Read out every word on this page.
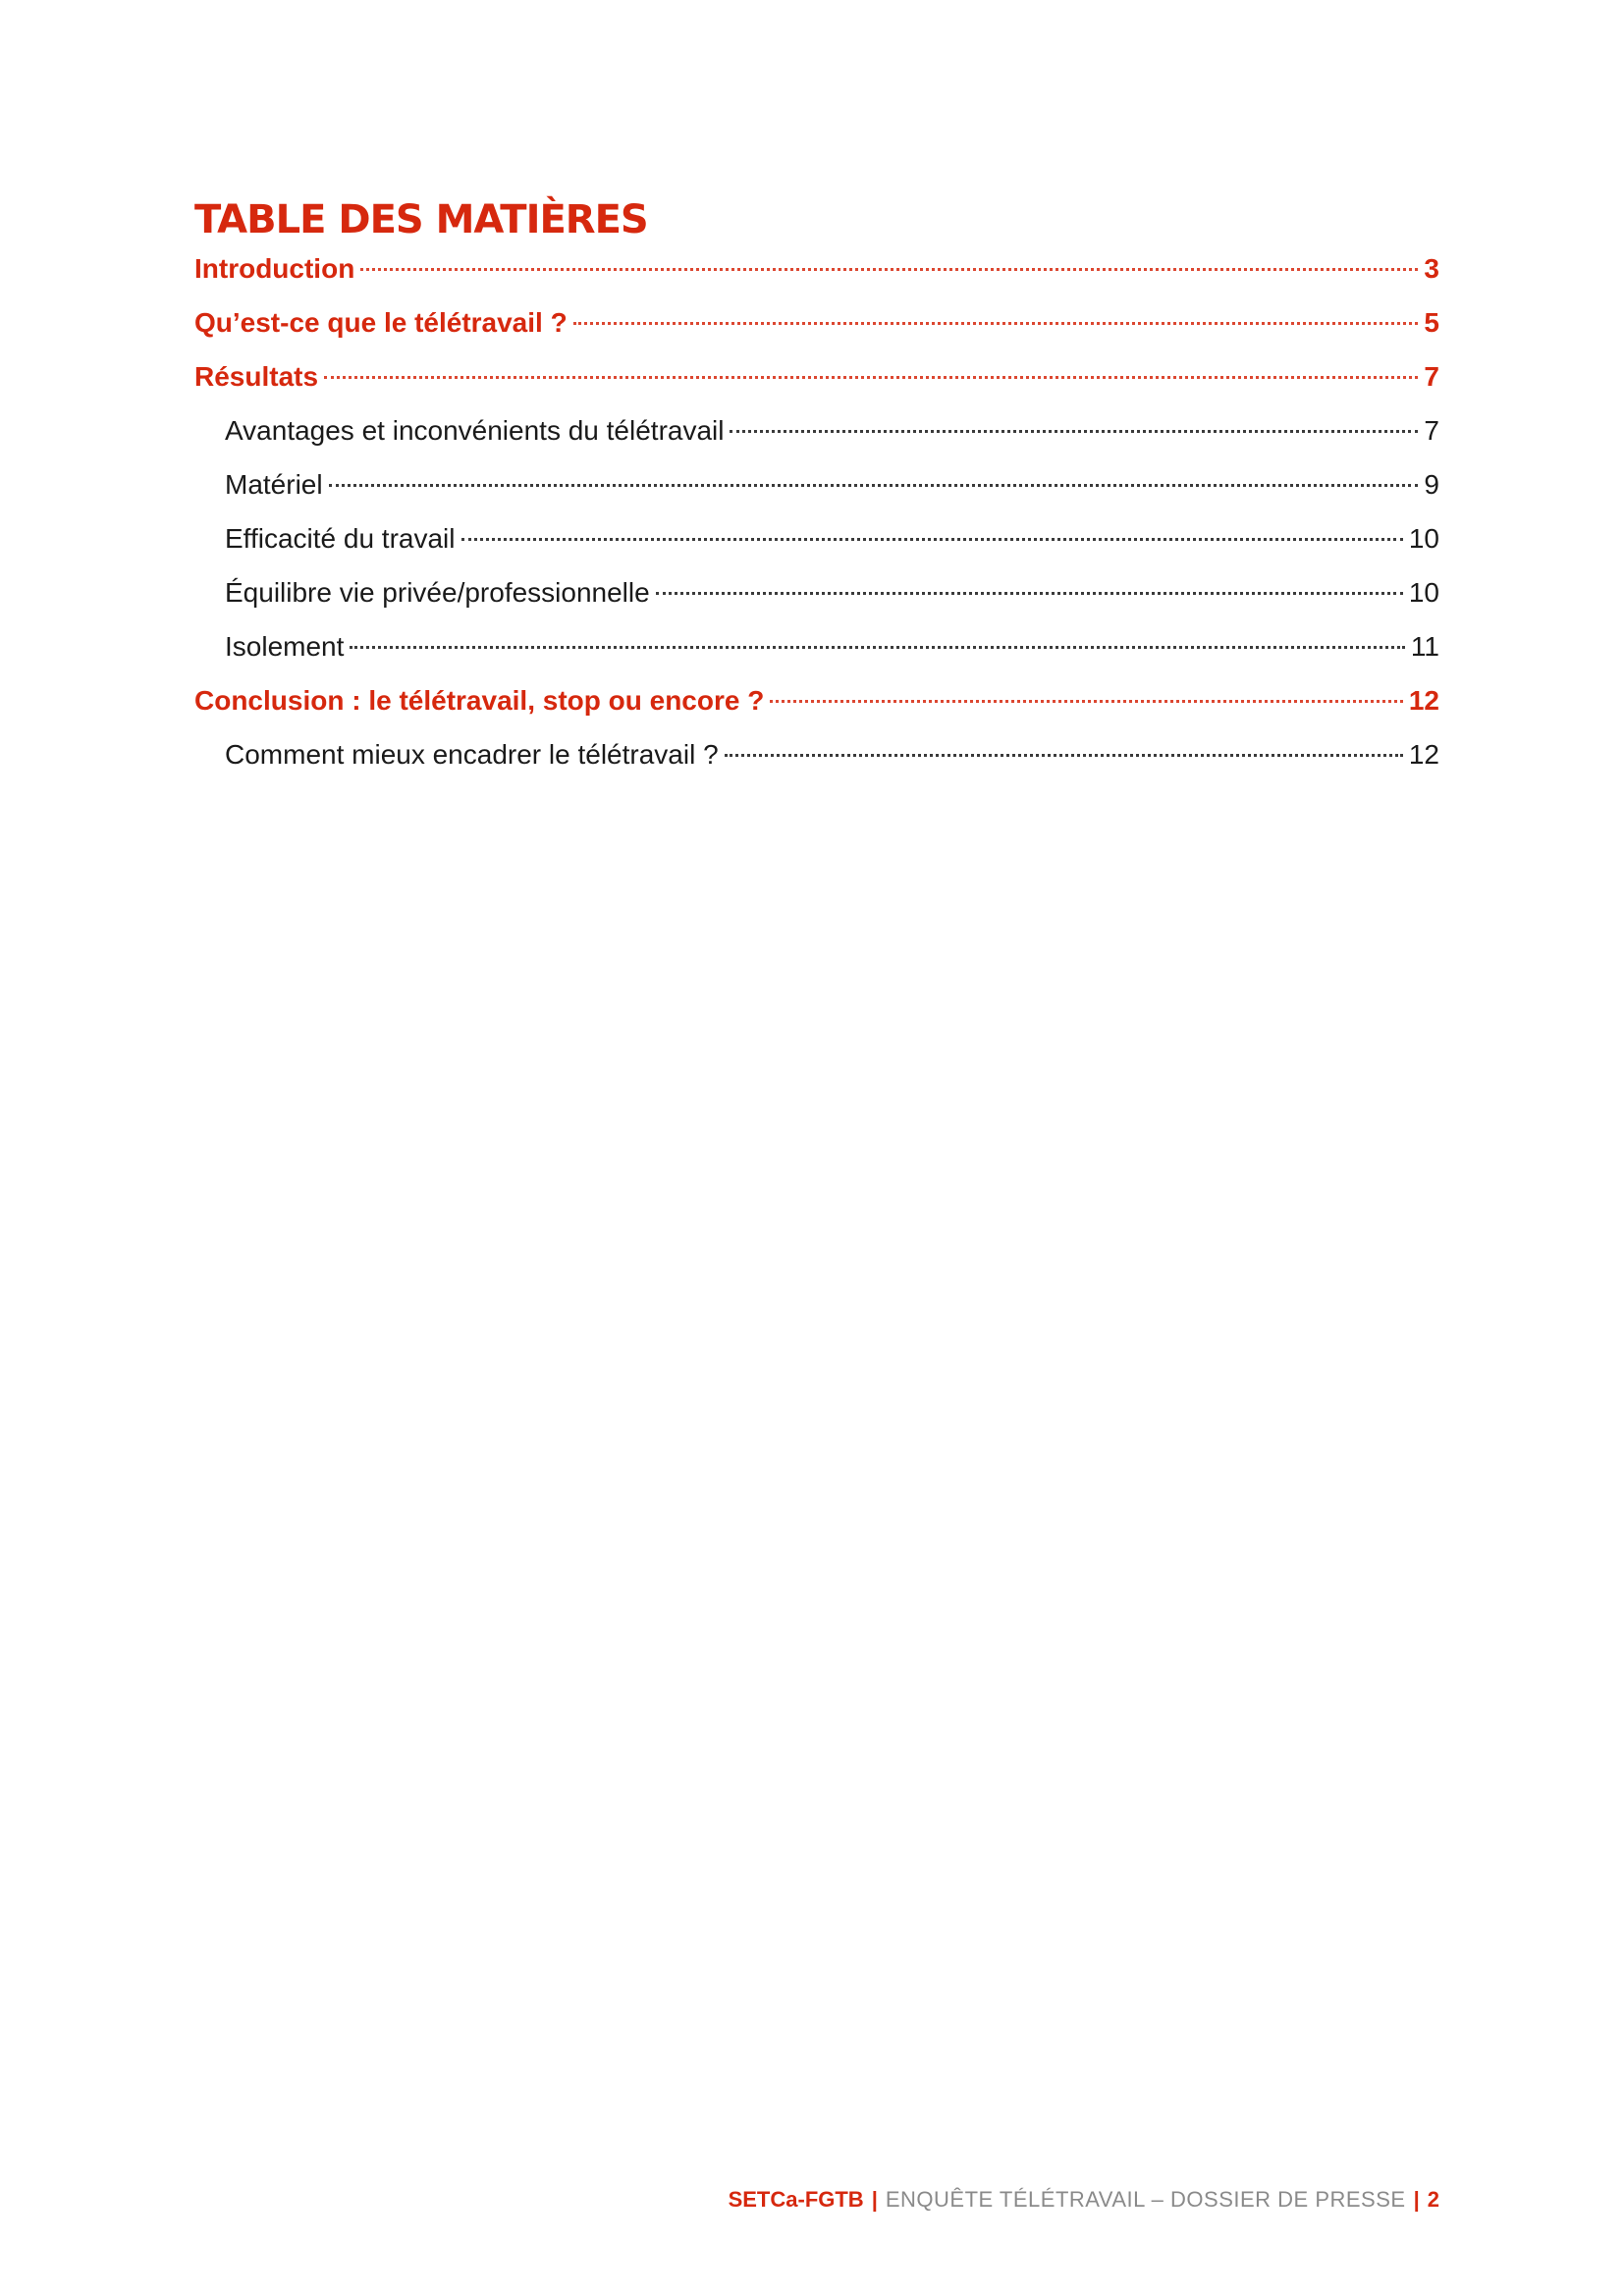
TABLE DES MATIÈRES
Introduction	3
Qu’est-ce que le télétravail ?	5
Résultats	7
Avantages et inconvénients du télétravail	7
Matériel	9
Efficacité du travail	10
Équilibre vie privée/professionnelle	10
Isolement	11
Conclusion : le télétravail, stop ou encore ?	12
Comment mieux encadrer le télétravail ?	12
SETCa-FGTB | ENQUÊTE TÉLÉTRAVAIL – DOSSIER DE PRESSE | 2
